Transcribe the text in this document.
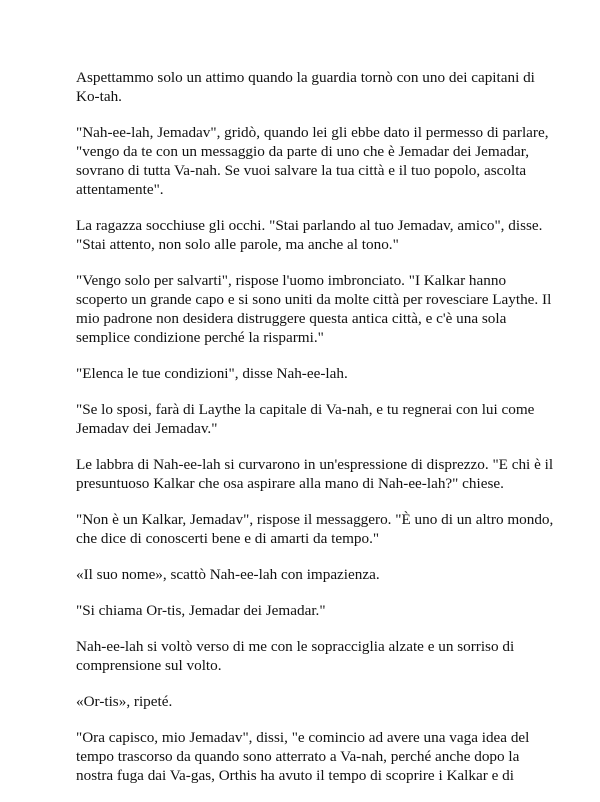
Aspettammo solo un attimo quando la guardia tornò con uno dei capitani di Ko-tah.

"Nah-ee-lah, Jemadav", gridò, quando lei gli ebbe dato il permesso di parlare, "vengo da te con un messaggio da parte di uno che è Jemadar dei Jemadar, sovrano di tutta Va-nah. Se vuoi salvare la tua città e il tuo popolo, ascolta attentamente".

La ragazza socchiuse gli occhi. "Stai parlando al tuo Jemadav, amico", disse. "Stai attento, non solo alle parole, ma anche al tono."

"Vengo solo per salvarti", rispose l'uomo imbronciato. "I Kalkar hanno scoperto un grande capo e si sono uniti da molte città per rovesciare Laythe. Il mio padrone non desidera distruggere questa antica città, e c'è una sola semplice condizione perché la risparmi."

"Elenca le tue condizioni", disse Nah-ee-lah.

"Se lo sposi, farà di Laythe la capitale di Va-nah, e tu regnerai con lui come Jemadav dei Jemadav."

Le labbra di Nah-ee-lah si curvarono in un'espressione di disprezzo. "E chi è il presuntuoso Kalkar che osa aspirare alla mano di Nah-ee-lah?" chiese.

"Non è un Kalkar, Jemadav", rispose il messaggero. "È uno di un altro mondo, che dice di conoscerti bene e di amarti da tempo."

«Il suo nome», scattò Nah-ee-lah con impazienza.

"Si chiama Or-tis, Jemadar dei Jemadar."

Nah-ee-lah si voltò verso di me con le sopracciglia alzate e un sorriso di comprensione sul volto.

«Or-tis», ripeté.

"Ora capisco, mio Jemadav", dissi, "e comincio ad avere una vaga idea del tempo trascorso da quando sono atterrato a Va-nah, perché anche dopo la nostra fuga dai Va-gas, Orthis ha avuto il tempo di scoprire i Kalkar e di
